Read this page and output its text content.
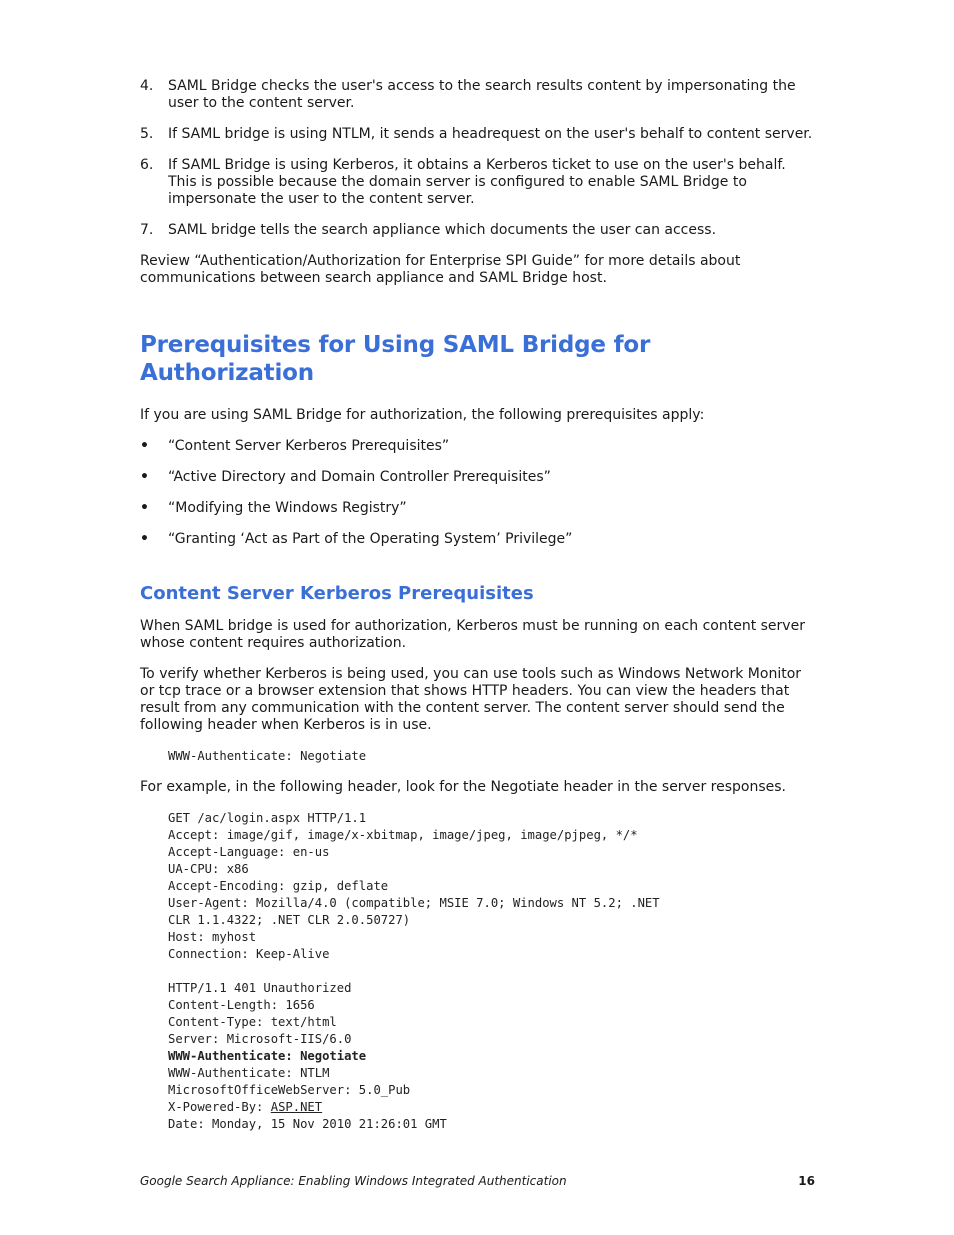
4. SAML Bridge checks the user's access to the search results content by impersonating the user to the content server.
5. If SAML bridge is using NTLM, it sends a headrequest on the user's behalf to content server.
6. If SAML Bridge is using Kerberos, it obtains a Kerberos ticket to use on the user's behalf. This is possible because the domain server is configured to enable SAML Bridge to impersonate the user to the content server.
7. SAML bridge tells the search appliance which documents the user can access.

Review “Authentication/Authorization for Enterprise SPI Guide” for more details about communications between search appliance and SAML Bridge host.

Prerequisites for Using SAML Bridge for Authorization

If you are using SAML Bridge for authorization, the following prerequisites apply:

• “Content Server Kerberos Prerequisites”
• “Active Directory and Domain Controller Prerequisites”
• “Modifying the Windows Registry”
• “Granting ‘Act as Part of the Operating System’ Privilege”
Content Server Kerberos Prerequisites

When SAML bridge is used for authorization, Kerberos must be running on each content server whose content requires authorization.

To verify whether Kerberos is being used, you can use tools such as Windows Network Monitor or tcp trace or a browser extension that shows HTTP headers. You can view the headers that result from any communication with the content server. The content server should send the following header when Kerberos is in use.

WWW-Authenticate: Negotiate

For example, in the following header, look for the Negotiate header in the server responses.

GET /ac/login.aspx HTTP/1.1
Accept: image/gif, image/x-xbitmap, image/jpeg, image/pjpeg, */*
Accept-Language: en-us
UA-CPU: x86
Accept-Encoding: gzip, deflate
User-Agent: Mozilla/4.0 (compatible; MSIE 7.0; Windows NT 5.2; .NET
CLR 1.1.4322; .NET CLR 2.0.50727)
Host: myhost
Connection: Keep-Alive
HTTP/1.1 401 Unauthorized
Content-Length: 1656
Content-Type: text/html
Server: Microsoft-IIS/6.0
WWW-Authenticate: Negotiate
WWW-Authenticate: NTLM
MicrosoftOfficeWebServer: 5.0_Pub
X-Powered-By: ASP.NET
Date: Monday, 15 Nov 2010 21:26:01 GMT
Google Search Appliance: Enabling Windows Integrated Authentication	16
